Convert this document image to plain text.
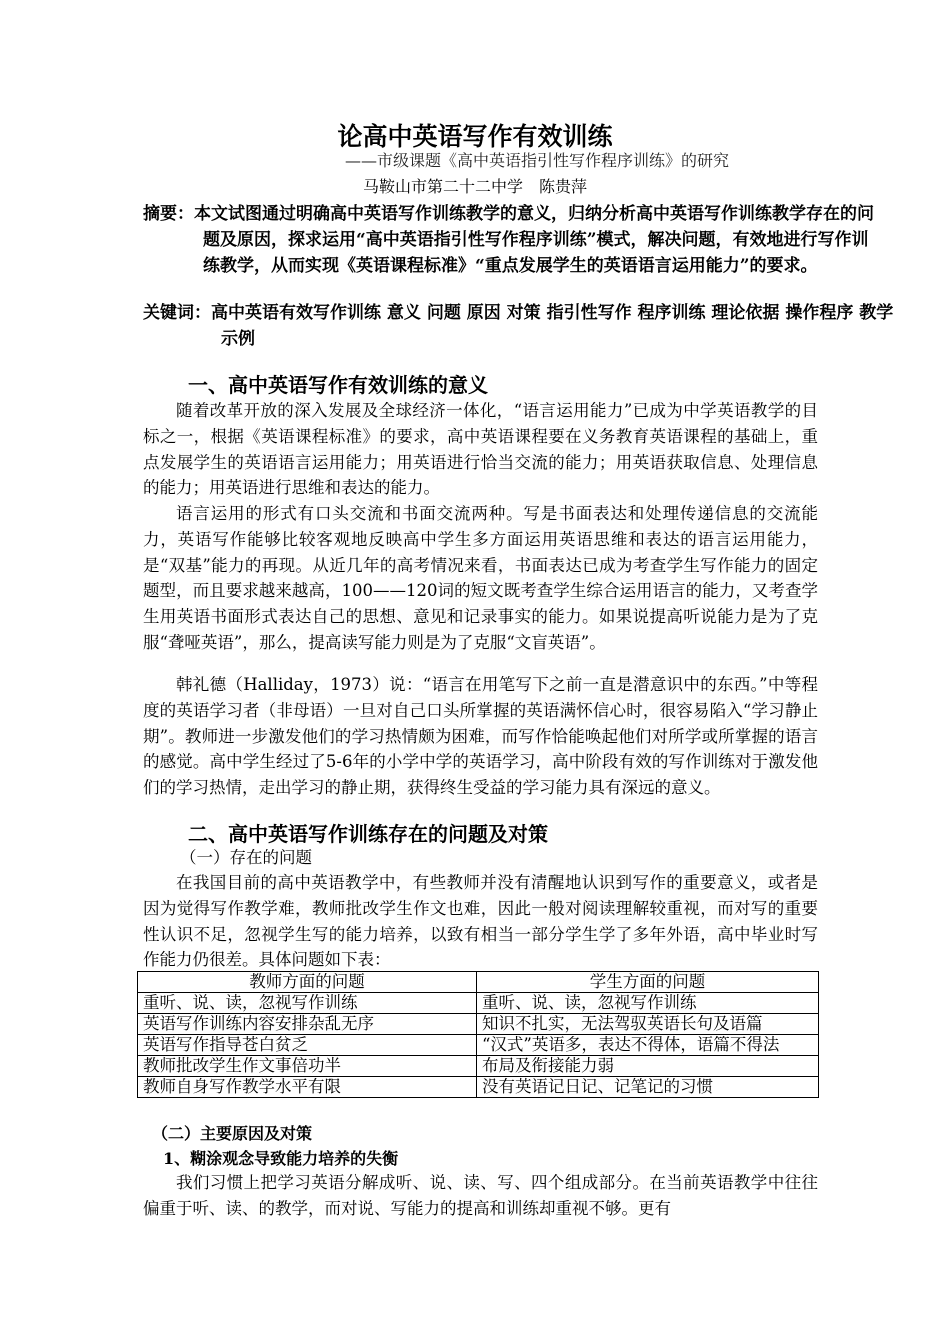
论高中英语写作有效训练
——市级课题《高中英语指引性写作程序训练》的研究
马鞍山市第二十二中学　陈贵萍
摘要：本文试图通过明确高中英语写作训练教学的意义，归纳分析高中英语写作训练教学存在的问题及原因，探求运用“高中英语指引性写作程序训练”模式，解决问题，有效地进行写作训练教学，从而实现《英语课程标准》“重点发展学生的英语语言运用能力”的要求。
关键词：高中英语有效写作训练 意义 问题 原因 对策 指引性写作 程序训练 理论依据 操作程序 教学示例
一、高中英语写作有效训练的意义
随着改革开放的深入发展及全球经济一体化，“语言运用能力”已成为中学英语教学的目标之一，根据《英语课程标准》的要求，高中英语课程要在义务教育英语课程的基础上，重点发展学生的英语语言运用能力；用英语进行恰当交流的能力；用英语获取信息、处理信息的能力；用英语进行思维和表达的能力。
语言运用的形式有口头交流和书面交流两种。写是书面表达和处理传递信息的交流能力，英语写作能够比较客观地反映高中学生多方面运用英语思维和表达的语言运用能力，是“双基”能力的再现。从近几年的高考情况来看，书面表达已成为考查学生写作能力的固定题型，而且要求越来越高，100——120词的短文既考查学生综合运用语言的能力，又考查学生用英语书面形式表达自己的思想、意见和记录事实的能力。如果说提高听说能力是为了克服“聋哑英语”，那么，提高读写能力则是为了克服“文盲英语”。
韩礼德（Halliday，1973）说：“语言在用笔写下之前一直是潜意识中的东西。”中等程度的英语学习者（非母语）一旦对自己口头所掌握的英语满怀信心时，很容易陷入“学习静止期”。教师进一步激发他们的学习热情颇为困难，而写作恰能唤起他们对所学或所掌握的语言的感觉。高中学生经过了5-6年的小学中学的英语学习，高中阶段有效的写作训练对于激发他们的学习热情，走出学习的静止期，获得终生受益的学习能力具有深远的意义。
二、高中英语写作训练存在的问题及对策
（一）存在的问题
在我国目前的高中英语教学中，有些教师并没有清醒地认识到写作的重要意义，或者是因为觉得写作教学难，教师批改学生作文也难，因此一般对阅读理解较重视，而对写的重要性认识不足，忽视学生写的能力培养，以致有相当一部分学生学了多年外语，高中毕业时写作能力仍很差。具体问题如下表：
教师方面的问题	学生方面的问题
重听、说、读，忽视写作训练	重听、说、读，忽视写作训练
英语写作训练内容安排杂乱无序	知识不扎实，无法驾驭英语长句及语篇
英语写作指导苍白贫乏	“汉式”英语多，表达不得体，语篇不得法
教师批改学生作文事倍功半	布局及衔接能力弱
教师自身写作教学水平有限	没有英语记日记、记笔记的习惯
（二）主要原因及对策
1、糊涂观念导致能力培养的失衡
我们习惯上把学习英语分解成听、说、读、写、四个组成部分。在当前英语教学中往往偏重于听、读、的教学，而对说、写能力的提高和训练却重视不够。更有
